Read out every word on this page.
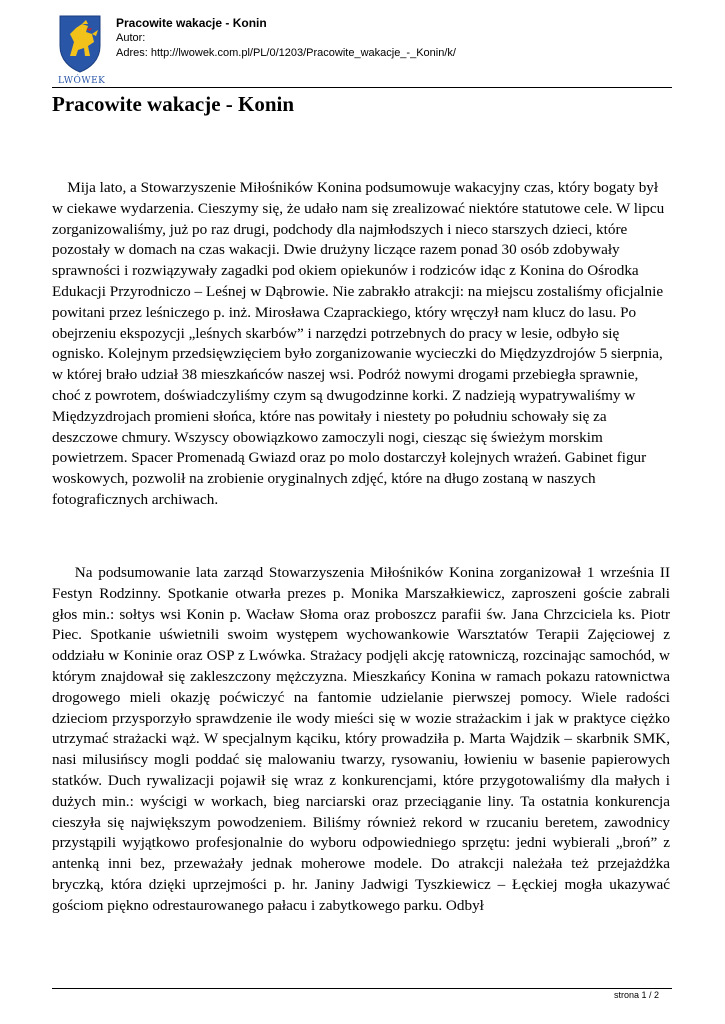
LWÓWEK
Pracowite wakacje - Konin
Autor:
Adres: http://lwowek.com.pl/PL/0/1203/Pracowite_wakacje_-_Konin/k/
Pracowite wakacje - Konin

 Mija lato, a Stowarzyszenie Miłośników Konina podsumowuje wakacyjny czas, który bogaty był w ciekawe wydarzenia. Cieszymy się, że udało nam się zrealizować niektóre statutowe cele. W lipcu zorganizowaliśmy, już po raz drugi, podchody dla najmłodszych i nieco starszych dzieci, które pozostały w domach na czas wakacji. Dwie drużyny liczące razem ponad 30 osób zdobywały sprawności i rozwiązywały zagadki pod okiem opiekunów i rodziców idąc z Konina do Ośrodka Edukacji Przyrodniczo – Leśnej w Dąbrowie. Nie zabrakło atrakcji: na miejscu zostaliśmy oficjalnie powitani przez leśniczego p. inż. Mirosława Czaprackiego, który wręczył nam klucz do lasu. Po obejrzeniu ekspozycji „leśnych skarbów” i narzędzi potrzebnych do pracy w lesie, odbyło się ognisko. Kolejnym przedsięwzięciem było zorganizowanie wycieczki do Międzyzdrojów 5 sierpnia, w której brało udział 38 mieszkańców naszej wsi. Podróż nowymi drogami przebiegła sprawnie, choć z powrotem, doświadczyliśmy czym są dwugodzinne korki. Z nadzieją wypatrywaliśmy w Międzyzdrojach promieni słońca, które nas powitały i niestety po południu schowały się za deszczowe chmury. Wszyscy obowiązkowo zamoczyli nogi, ciesząc się świeżym morskim powietrzem. Spacer Promenadą Gwiazd oraz po molo dostarczył kolejnych wrażeń. Gabinet figur woskowych, pozwolił na zrobienie oryginalnych zdjęć, które na długo zostaną w naszych fotograficznych archiwach.

  Na podsumowanie lata zarząd Stowarzyszenia Miłośników Konina zorganizował 1 września II Festyn Rodzinny. Spotkanie otwarła prezes p. Monika Marszałkiewicz, zaproszeni goście zabrali głos min.: sołtys wsi Konin p. Wacław Słoma oraz proboszcz parafii św. Jana Chrzciciela ks. Piotr Piec. Spotkanie uświetnili swoim występem wychowankowie Warsztatów Terapii Zajęciowej z oddziału w Koninie oraz OSP z Lwówka. Strażacy podjęli akcję ratowniczą, rozcinając samochód, w którym znajdował się zakleszczony mężczyzna. Mieszkańcy Konina w ramach pokazu ratownictwa drogowego mieli okazję poćwiczyć na fantomie udzielanie pierwszej pomocy. Wiele radości dzieciom przysporzyło sprawdzenie ile wody mieści się w wozie strażackim i jak w praktyce ciężko utrzymać strażacki wąż. W specjalnym kąciku, który prowadziła p. Marta Wajdzik – skarbnik SMK, nasi milusińscy mogli poddać się malowaniu twarzy, rysowaniu, łowieniu w basenie papierowych statków. Duch rywalizacji pojawił się wraz z konkurencjami, które przygotowaliśmy dla małych i dużych min.: wyścigi w workach, bieg narciarski oraz przeciąganie liny. Ta ostatnia konkurencja cieszyła się największym powodzeniem. Biliśmy również rekord w rzucaniu beretem, zawodnicy przystąpili wyjątkowo profesjonalnie do wyboru odpowiedniego sprzętu: jedni wybierali „broń” z antenką inni bez, przeważały jednak moherowe modele. Do atrakcji należała też przejażdżka bryczką, która dzięki uprzejmości p. hr. Janiny Jadwigi Tyszkiewicz – Łęckiej mogła ukazywać gościom piękno odrestaurowanego pałacu i zabytkowego parku. Odbył

strona 1 / 2
